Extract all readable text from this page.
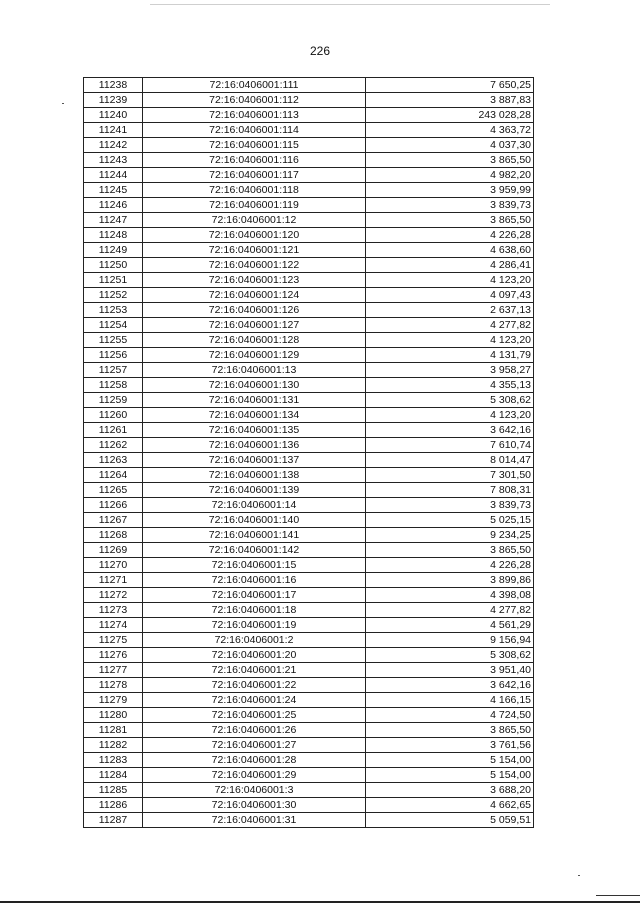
226
11238	72:16:0406001:111	7 650,25
11239	72:16:0406001:112	3 887,83
11240	72:16:0406001:113	243 028,28
11241	72:16:0406001:114	4 363,72
11242	72:16:0406001:115	4 037,30
11243	72:16:0406001:116	3 865,50
11244	72:16:0406001:117	4 982,20
11245	72:16:0406001:118	3 959,99
11246	72:16:0406001:119	3 839,73
11247	72:16:0406001:12	3 865,50
11248	72:16:0406001:120	4 226,28
11249	72:16:0406001:121	4 638,60
11250	72:16:0406001:122	4 286,41
11251	72:16:0406001:123	4 123,20
11252	72:16:0406001:124	4 097,43
11253	72:16:0406001:126	2 637,13
11254	72:16:0406001:127	4 277,82
11255	72:16:0406001:128	4 123,20
11256	72:16:0406001:129	4 131,79
11257	72:16:0406001:13	3 958,27
11258	72:16:0406001:130	4 355,13
11259	72:16:0406001:131	5 308,62
11260	72:16:0406001:134	4 123,20
11261	72:16:0406001:135	3 642,16
11262	72:16:0406001:136	7 610,74
11263	72:16:0406001:137	8 014,47
11264	72:16:0406001:138	7 301,50
11265	72:16:0406001:139	7 808,31
11266	72:16:0406001:14	3 839,73
11267	72:16:0406001:140	5 025,15
11268	72:16:0406001:141	9 234,25
11269	72:16:0406001:142	3 865,50
11270	72:16:0406001:15	4 226,28
11271	72:16:0406001:16	3 899,86
11272	72:16:0406001:17	4 398,08
11273	72:16:0406001:18	4 277,82
11274	72:16:0406001:19	4 561,29
11275	72:16:0406001:2	9 156,94
11276	72:16:0406001:20	5 308,62
11277	72:16:0406001:21	3 951,40
11278	72:16:0406001:22	3 642,16
11279	72:16:0406001:24	4 166,15
11280	72:16:0406001:25	4 724,50
11281	72:16:0406001:26	3 865,50
11282	72:16:0406001:27	3 761,56
11283	72:16:0406001:28	5 154,00
11284	72:16:0406001:29	5 154,00
11285	72:16:0406001:3	3 688,20
11286	72:16:0406001:30	4 662,65
11287	72:16:0406001:31	5 059,51
